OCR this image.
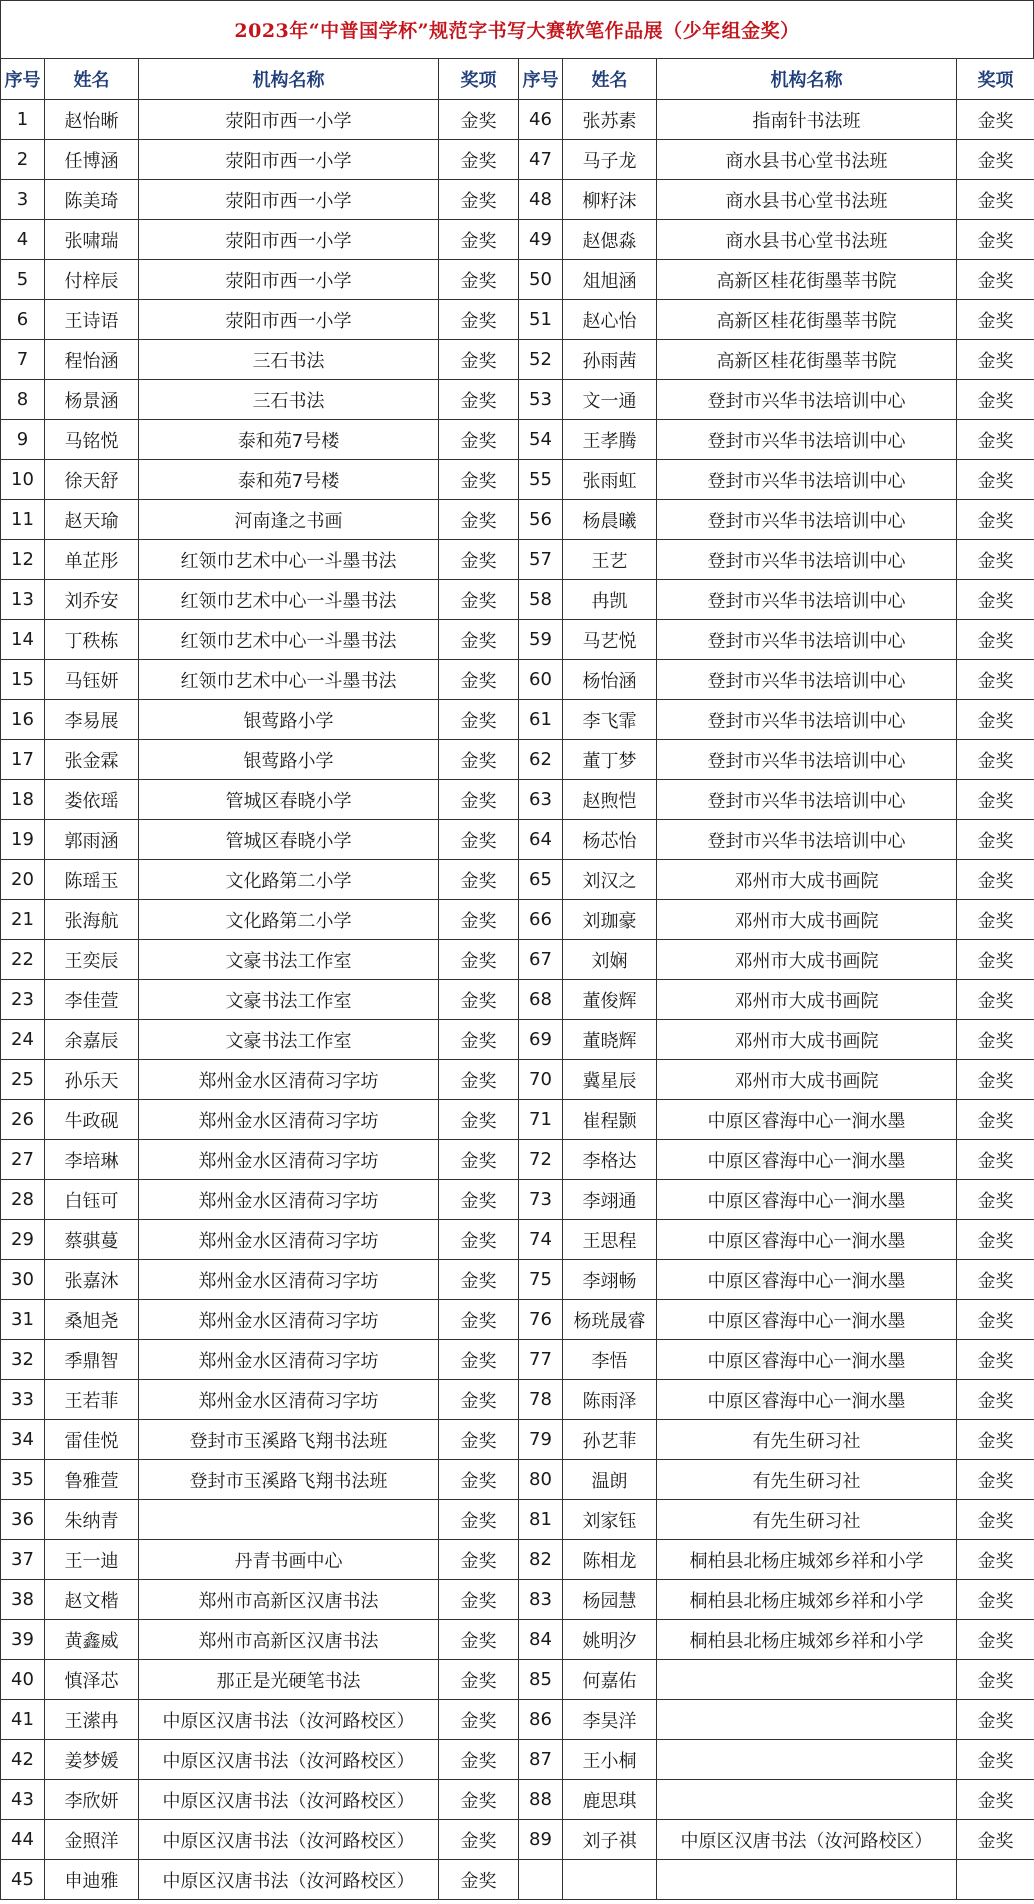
2023年“中普国学杯”规范字书写大赛软笔作品展（少年组金奖）
序号	姓名	机构名称	奖项	序号	姓名	机构名称	奖项
1	赵怡晰	荥阳市西一小学	金奖	46	张苏素	指南针书法班	金奖
2	任博涵	荥阳市西一小学	金奖	47	马子龙	商水县书心堂书法班	金奖
3	陈美琦	荥阳市西一小学	金奖	48	柳籽沫	商水县书心堂书法班	金奖
4	张啸瑞	荥阳市西一小学	金奖	49	赵偲淼	商水县书心堂书法班	金奖
5	付梓辰	荥阳市西一小学	金奖	50	俎旭涵	高新区桂花街墨莘书院	金奖
6	王诗语	荥阳市西一小学	金奖	51	赵心怡	高新区桂花街墨莘书院	金奖
7	程怡涵	三石书法	金奖	52	孙雨茜	高新区桂花街墨莘书院	金奖
8	杨景涵	三石书法	金奖	53	文一通	登封市兴华书法培训中心	金奖
9	马铭悦	泰和苑7号楼	金奖	54	王孝腾	登封市兴华书法培训中心	金奖
10	徐天舒	泰和苑7号楼	金奖	55	张雨虹	登封市兴华书法培训中心	金奖
11	赵天瑜	河南逢之书画	金奖	56	杨晨曦	登封市兴华书法培训中心	金奖
12	单芷彤	红领巾艺术中心一斗墨书法	金奖	57	王艺	登封市兴华书法培训中心	金奖
13	刘乔安	红领巾艺术中心一斗墨书法	金奖	58	冉凯	登封市兴华书法培训中心	金奖
14	丁秩栋	红领巾艺术中心一斗墨书法	金奖	59	马艺悦	登封市兴华书法培训中心	金奖
15	马钰妍	红领巾艺术中心一斗墨书法	金奖	60	杨怡涵	登封市兴华书法培训中心	金奖
16	李易展	银莺路小学	金奖	61	李飞霏	登封市兴华书法培训中心	金奖
17	张金霖	银莺路小学	金奖	62	董丁梦	登封市兴华书法培训中心	金奖
18	娄依瑶	管城区春晓小学	金奖	63	赵煦恺	登封市兴华书法培训中心	金奖
19	郭雨涵	管城区春晓小学	金奖	64	杨芯怡	登封市兴华书法培训中心	金奖
20	陈瑶玉	文化路第二小学	金奖	65	刘汉之	邓州市大成书画院	金奖
21	张海航	文化路第二小学	金奖	66	刘珈豪	邓州市大成书画院	金奖
22	王奕辰	文豪书法工作室	金奖	67	刘娴	邓州市大成书画院	金奖
23	李佳萱	文豪书法工作室	金奖	68	董俊辉	邓州市大成书画院	金奖
24	余嘉辰	文豪书法工作室	金奖	69	董晓辉	邓州市大成书画院	金奖
25	孙乐天	郑州金水区清荷习字坊	金奖	70	冀星辰	邓州市大成书画院	金奖
26	牛政砚	郑州金水区清荷习字坊	金奖	71	崔程颢	中原区睿海中心一涧水墨	金奖
27	李培琳	郑州金水区清荷习字坊	金奖	72	李格达	中原区睿海中心一涧水墨	金奖
28	白钰可	郑州金水区清荷习字坊	金奖	73	李翊通	中原区睿海中心一涧水墨	金奖
29	蔡骐蔓	郑州金水区清荷习字坊	金奖	74	王思程	中原区睿海中心一涧水墨	金奖
30	张嘉沐	郑州金水区清荷习字坊	金奖	75	李翊畅	中原区睿海中心一涧水墨	金奖
31	桑旭尧	郑州金水区清荷习字坊	金奖	76	杨珖晟睿	中原区睿海中心一涧水墨	金奖
32	季鼎智	郑州金水区清荷习字坊	金奖	77	李悟	中原区睿海中心一涧水墨	金奖
33	王若菲	郑州金水区清荷习字坊	金奖	78	陈雨泽	中原区睿海中心一涧水墨	金奖
34	雷佳悦	登封市玉溪路飞翔书法班	金奖	79	孙艺菲	有先生研习社	金奖
35	鲁雅萱	登封市玉溪路飞翔书法班	金奖	80	温朗	有先生研习社	金奖
36	朱纳青		金奖	81	刘家钰	有先生研习社	金奖
37	王一迪	丹青书画中心	金奖	82	陈相龙	桐柏县北杨庄城郊乡祥和小学	金奖
38	赵文楷	郑州市高新区汉唐书法	金奖	83	杨园慧	桐柏县北杨庄城郊乡祥和小学	金奖
39	黄鑫威	郑州市高新区汉唐书法	金奖	84	姚明汐	桐柏县北杨庄城郊乡祥和小学	金奖
40	慎泽芯	那正是光硬笔书法	金奖	85	何嘉佑		金奖
41	王潆冉	中原区汉唐书法（汝河路校区）	金奖	86	李昊洋		金奖
42	姜梦媛	中原区汉唐书法（汝河路校区）	金奖	87	王小桐		金奖
43	李欣妍	中原区汉唐书法（汝河路校区）	金奖	88	鹿思琪		金奖
44	金照洋	中原区汉唐书法（汝河路校区）	金奖	89	刘子祺	中原区汉唐书法（汝河路校区）	金奖
45	申迪雅	中原区汉唐书法（汝河路校区）	金奖				
